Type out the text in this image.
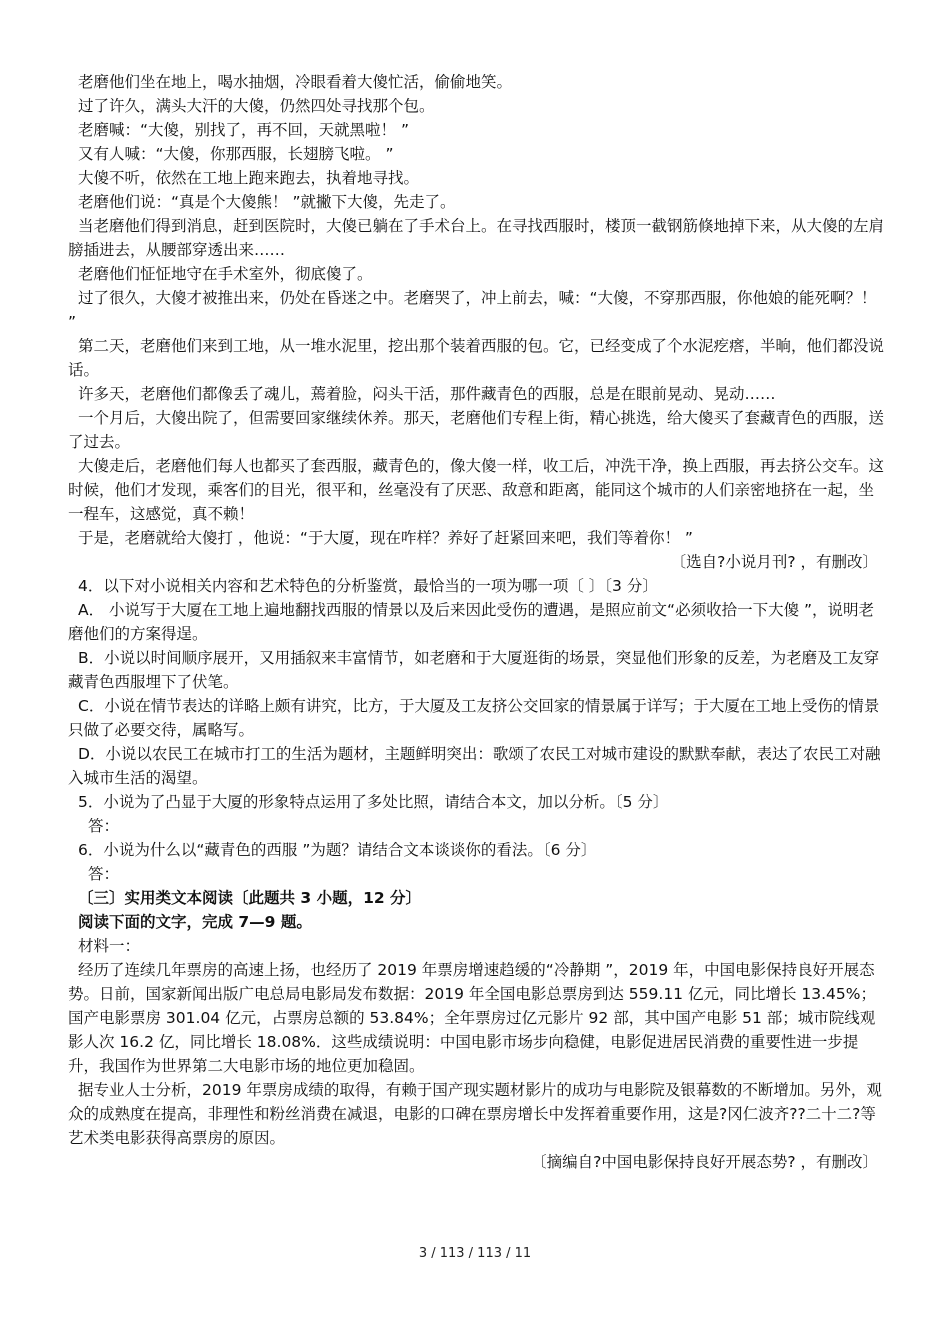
老磨他们坐在地上，喝水抽烟，冷眼看着大傻忙活，偷偷地笑。

过了许久，满头大汗的大傻，仍然四处寻找那个包。

老磨喊：“大傻，别找了，再不回，天就黑啦！ ”

又有人喊：“大傻，你那西服，长翅膀飞啦。 ”

大傻不听，依然在工地上跑来跑去，执着地寻找。

老磨他们说：“真是个大傻熊！ ”就撇下大傻，先走了。

当老磨他们得到消息，赶到医院时，大傻已躺在了手术台上。在寻找西服时，楼顶一截钢筋倏地掉下来，从大傻的左肩膀插进去，从腰部穿透出来……

老磨他们怔怔地守在手术室外，彻底傻了。

过了很久，大傻才被推出来，仍处在昏迷之中。老磨哭了，冲上前去，喊：“大傻，不穿那西服，你他娘的能死啊？！ ”

第二天，老磨他们来到工地，从一堆水泥里，挖出那个装着西服的包。它，已经变成了个水泥疙瘩，半晌，他们都没说话。

许多天，老磨他们都像丢了魂儿，蔫着脸，闷头干活，那件藏青色的西服，总是在眼前晃动、晃动……

一个月后，大傻出院了，但需要回家继续休养。那天，老磨他们专程上街，精心挑选，给大傻买了套藏青色的西服，送了过去。

大傻走后，老磨他们每人也都买了套西服，藏青色的，像大傻一样，收工后，冲洗干净，换上西服，再去挤公交车。这时候，他们才发现，乘客们的目光，很平和，丝毫没有了厌恶、敌意和距离，能同这个城市的人们亲密地挤在一起，坐一程车，这感觉，真不赖！

于是，老磨就给大傻打 ，他说：“于大厦，现在咋样？养好了赶紧回来吧，我们等着你！ ”

〔选自?小说月刊? ，有删改〕

4．以下对小说相关内容和艺术特色的分析鉴赏，最恰当的一项为哪一项〔 〕〔3 分〕

A． 小说写于大厦在工地上遍地翻找西服的情景以及后来因此受伤的遭遇，是照应前文“必须收拾一下大傻 ”，说明老磨他们的方案得逞。

B．小说以时间顺序展开，又用插叙来丰富情节，如老磨和于大厦逛街的场景，突显他们形象的反差，为老磨及工友穿藏青色西服埋下了伏笔。

C．小说在情节表达的详略上颇有讲究，比方，于大厦及工友挤公交回家的情景属于详写；于大厦在工地上受伤的情景只做了必要交待，属略写。

D．小说以农民工在城市打工的生活为题材，主题鲜明突出：歌颂了农民工对城市建设的默默奉献，表达了农民工对融入城市生活的渴望。

5．小说为了凸显于大厦的形象特点运用了多处比照，请结合本文，加以分析。〔5 分〕

答：

6．小说为什么以“藏青色的西服 ”为题？请结合文本谈谈你的看法。〔6 分〕

答：

〔三〕实用类文本阅读〔此题共 3 小题，12 分〕

阅读下面的文字，完成 7—9 题。

材料一：

经历了连续几年票房的高速上扬，也经历了 2019 年票房增速趋缓的“冷静期 ”，2019 年，中国电影保持良好开展态势。日前，国家新闻出版广电总局电影局发布数据：2019 年全国电影总票房到达 559.11 亿元，同比增长 13.45%；国产电影票房 301.04 亿元，占票房总额的 53.84%；全年票房过亿元影片 92 部，其中国产电影 51 部；城市院线观影人次 16.2 亿，同比增长 18.08%．这些成绩说明：中国电影市场步向稳健，电影促进居民消费的重要性进一步提升，我国作为世界第二大电影市场的地位更加稳固。

据专业人士分析，2019 年票房成绩的取得，有赖于国产现实题材影片的成功与电影院及银幕数的不断增加。另外，观众的成熟度在提高，非理性和粉丝消费在减退，电影的口碑在票房增长中发挥着重要作用，这是?冈仁波齐??二十二?等艺术类电影获得高票房的原因。

〔摘编自?中国电影保持良好开展态势? ，有删改〕

3 / 113 / 113 / 11
